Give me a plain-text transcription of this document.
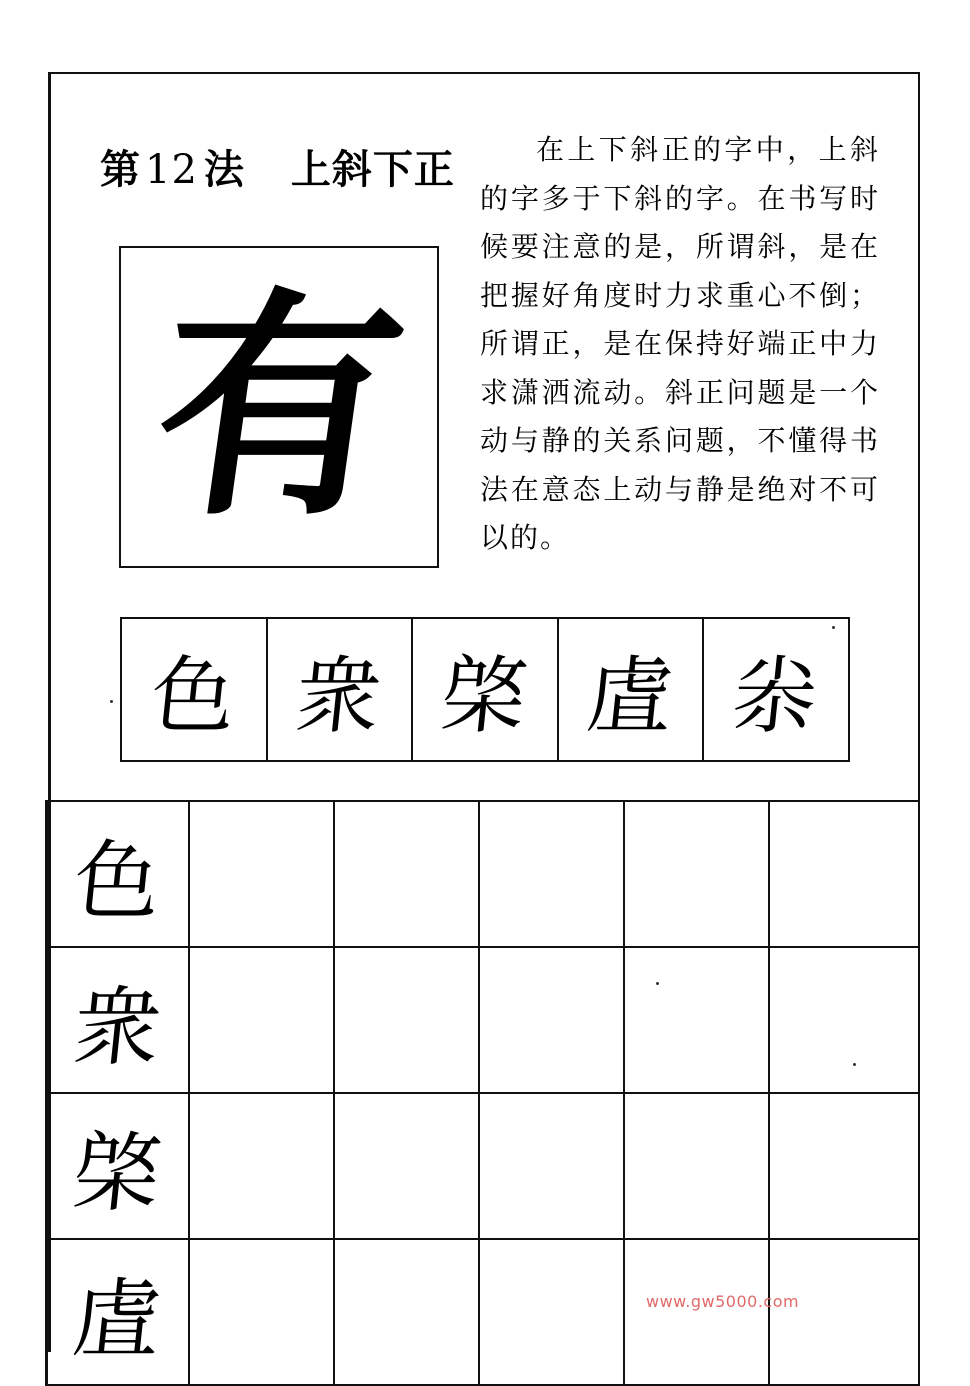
第 12 法 上斜下正
有
在上下斜正的字中，上斜的字多于下斜的字。在书写时候要注意的是，所谓斜，是在把握好角度时力求重心不倒；所谓正，是在保持好端正中力求潇洒流动。斜正问题是一个动与静的关系问题，不懂得书法在意态上动与静是绝对不可以的。
色 衆 棨 虘 尜
色
衆
棨
虘	www.gw5000.com
